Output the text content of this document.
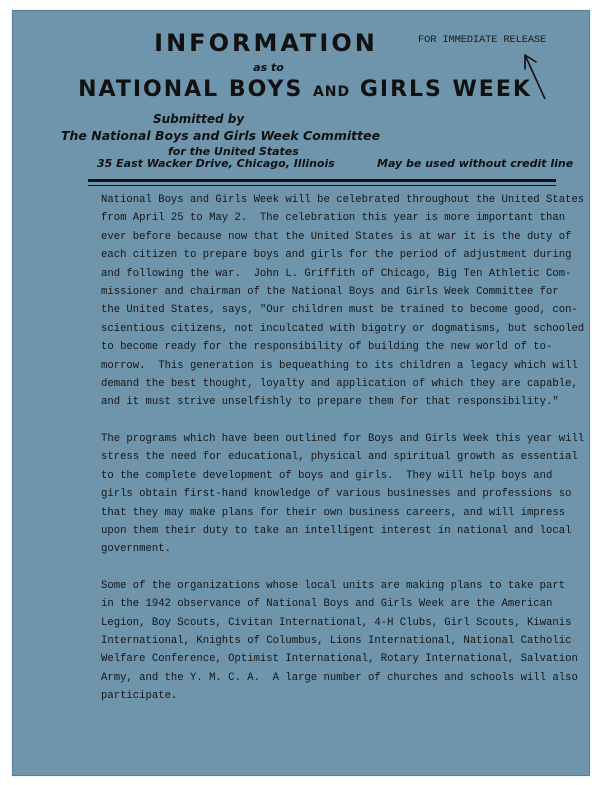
INFORMATION
as to
NATIONAL BOYS AND GIRLS WEEK
FOR IMMEDIATE RELEASE
Submitted by
The National Boys and Girls Week Committee
for the United States
35 East Wacker Drive, Chicago, Illinois	May be used without credit line

National Boys and Girls Week will be celebrated throughout the United States
from April 25 to May 2.  The celebration this year is more important than
ever before because now that the United States is at war it is the duty of
each citizen to prepare boys and girls for the period of adjustment during
and following the war.  John L. Griffith of Chicago, Big Ten Athletic Com-
missioner and chairman of the National Boys and Girls Week Committee for
the United States, says, "Our children must be trained to become good, con-
scientious citizens, not inculcated with bigotry or dogmatisms, but schooled
to become ready for the responsibility of building the new world of to-
morrow.  This generation is bequeathing to its children a legacy which will
demand the best thought, loyalty and application of which they are capable,
and it must strive unselfishly to prepare them for that responsibility."

The programs which have been outlined for Boys and Girls Week this year will
stress the need for educational, physical and spiritual growth as essential
to the complete development of boys and girls.  They will help boys and
girls obtain first-hand knowledge of various businesses and professions so
that they may make plans for their own business careers, and will impress
upon them their duty to take an intelligent interest in national and local
government.

Some of the organizations whose local units are making plans to take part
in the 1942 observance of National Boys and Girls Week are the American
Legion, Boy Scouts, Civitan International, 4-H Clubs, Girl Scouts, Kiwanis
International, Knights of Columbus, Lions International, National Catholic
Welfare Conference, Optimist International, Rotary International, Salvation
Army, and the Y. M. C. A.  A large number of churches and schools will also
participate.
